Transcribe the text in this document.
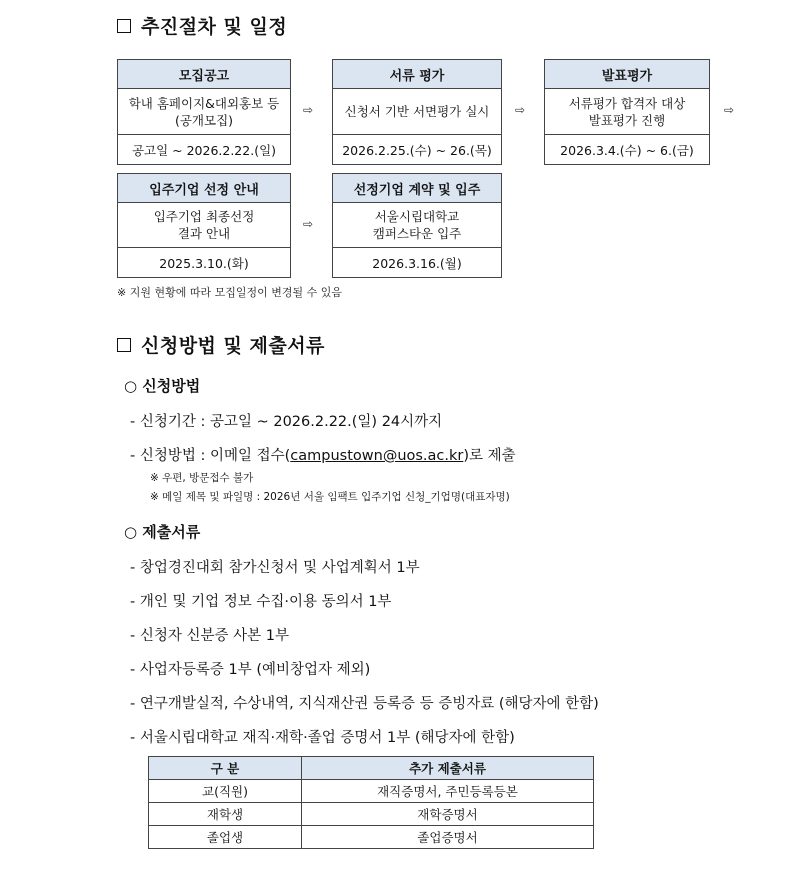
추진절차 및 일정
모집공고
학내 홈페이지&대외홍보 등
(공개모집)
공고일 ~ 2026.2.22.(일)
⇨
서류 평가
신청서 기반 서면평가 실시
2026.2.25.(수) ~ 26.(목)
⇨
발표평가
서류평가 합격자 대상
발표평가 진행
2026.3.4.(수) ~ 6.(금)
⇨
입주기업 선정 안내
입주기업 최종선정
결과 안내
2025.3.10.(화)
⇨
선정기업 계약 및 입주
서울시립대학교
캠퍼스타운 입주
2026.3.16.(월)
※ 지원 현황에 따라 모집일정이 변경될 수 있음
신청방법 및 제출서류
○ 신청방법
- 신청기간 : 공고일 ~ 2026.2.22.(일) 24시까지
- 신청방법 : 이메일 접수(campustown@uos.ac.kr)로 제출
※ 우편, 방문접수 불가
※ 메일 제목 및 파일명 : 2026년 서울 임팩트 입주기업 신청_기업명(대표자명)
○ 제출서류
- 창업경진대회 참가신청서 및 사업계획서 1부
- 개인 및 기업 정보 수집·이용 동의서 1부
- 신청자 신분증 사본 1부
- 사업자등록증 1부 (예비창업자 제외)
- 연구개발실적, 수상내역, 지식재산권 등록증 등 증빙자료 (해당자에 한함)
- 서울시립대학교 재직·재학·졸업 증명서 1부 (해당자에 한함)
구 분	추가 제출서류
교(직원)	재직증명서, 주민등록등본
재학생	재학증명서
졸업생	졸업증명서
